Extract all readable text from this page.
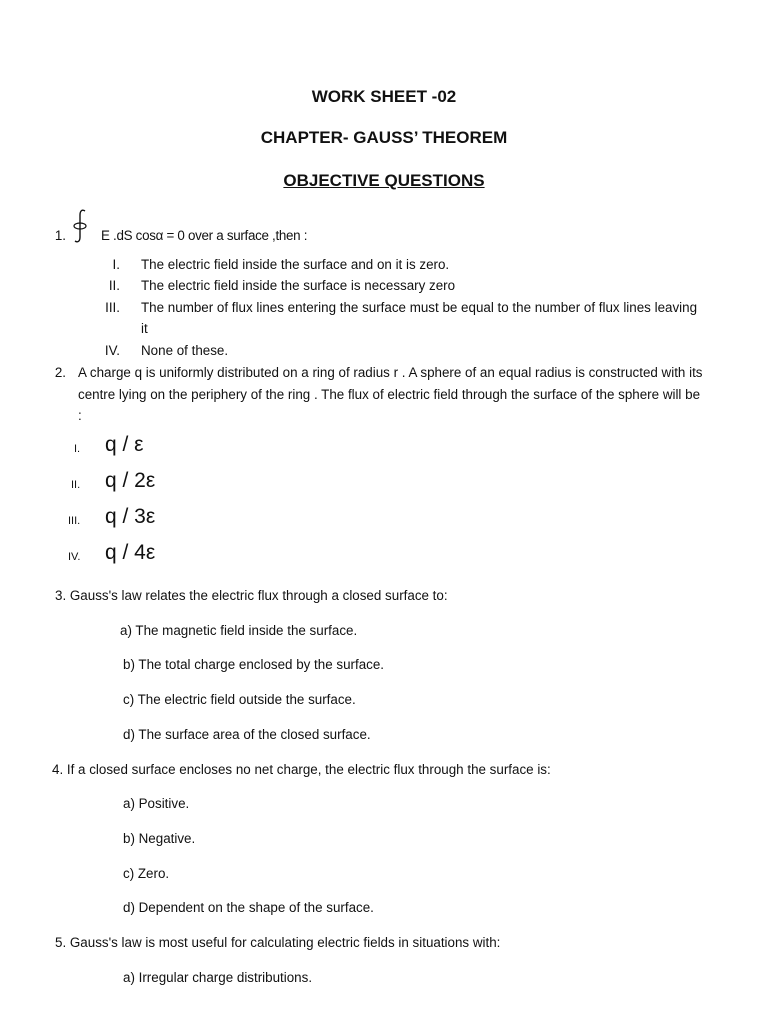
WORK SHEET -02
CHAPTER- GAUSS’ THEOREM
OBJECTIVE QUESTIONS
1.	E .dS cosα = 0 over a surface ,then :
I. The electric field inside the surface and on it is zero.
II. The electric field inside the surface is necessary zero
III. The number of flux lines entering the surface must be equal to the number of flux lines leaving
it
IV. None of these.
2. A charge q is uniformly distributed on a ring of radius r . A sphere of an equal radius is constructed with its
centre lying on the periphery of the ring . The flux of electric field through the surface of the sphere will be
:
I. q / ε
II. q / 2ε
III. q / 3ε
IV. q / 4ε
3. Gauss's law relates the electric flux through a closed surface to:
a) The magnetic field inside the surface.
b) The total charge enclosed by the surface.
c) The electric field outside the surface.
d) The surface area of the closed surface.
4. If a closed surface encloses no net charge, the electric flux through the surface is:
a) Positive.
b) Negative.
c) Zero.
d) Dependent on the shape of the surface.
5. Gauss's law is most useful for calculating electric fields in situations with:
a) Irregular charge distributions.
